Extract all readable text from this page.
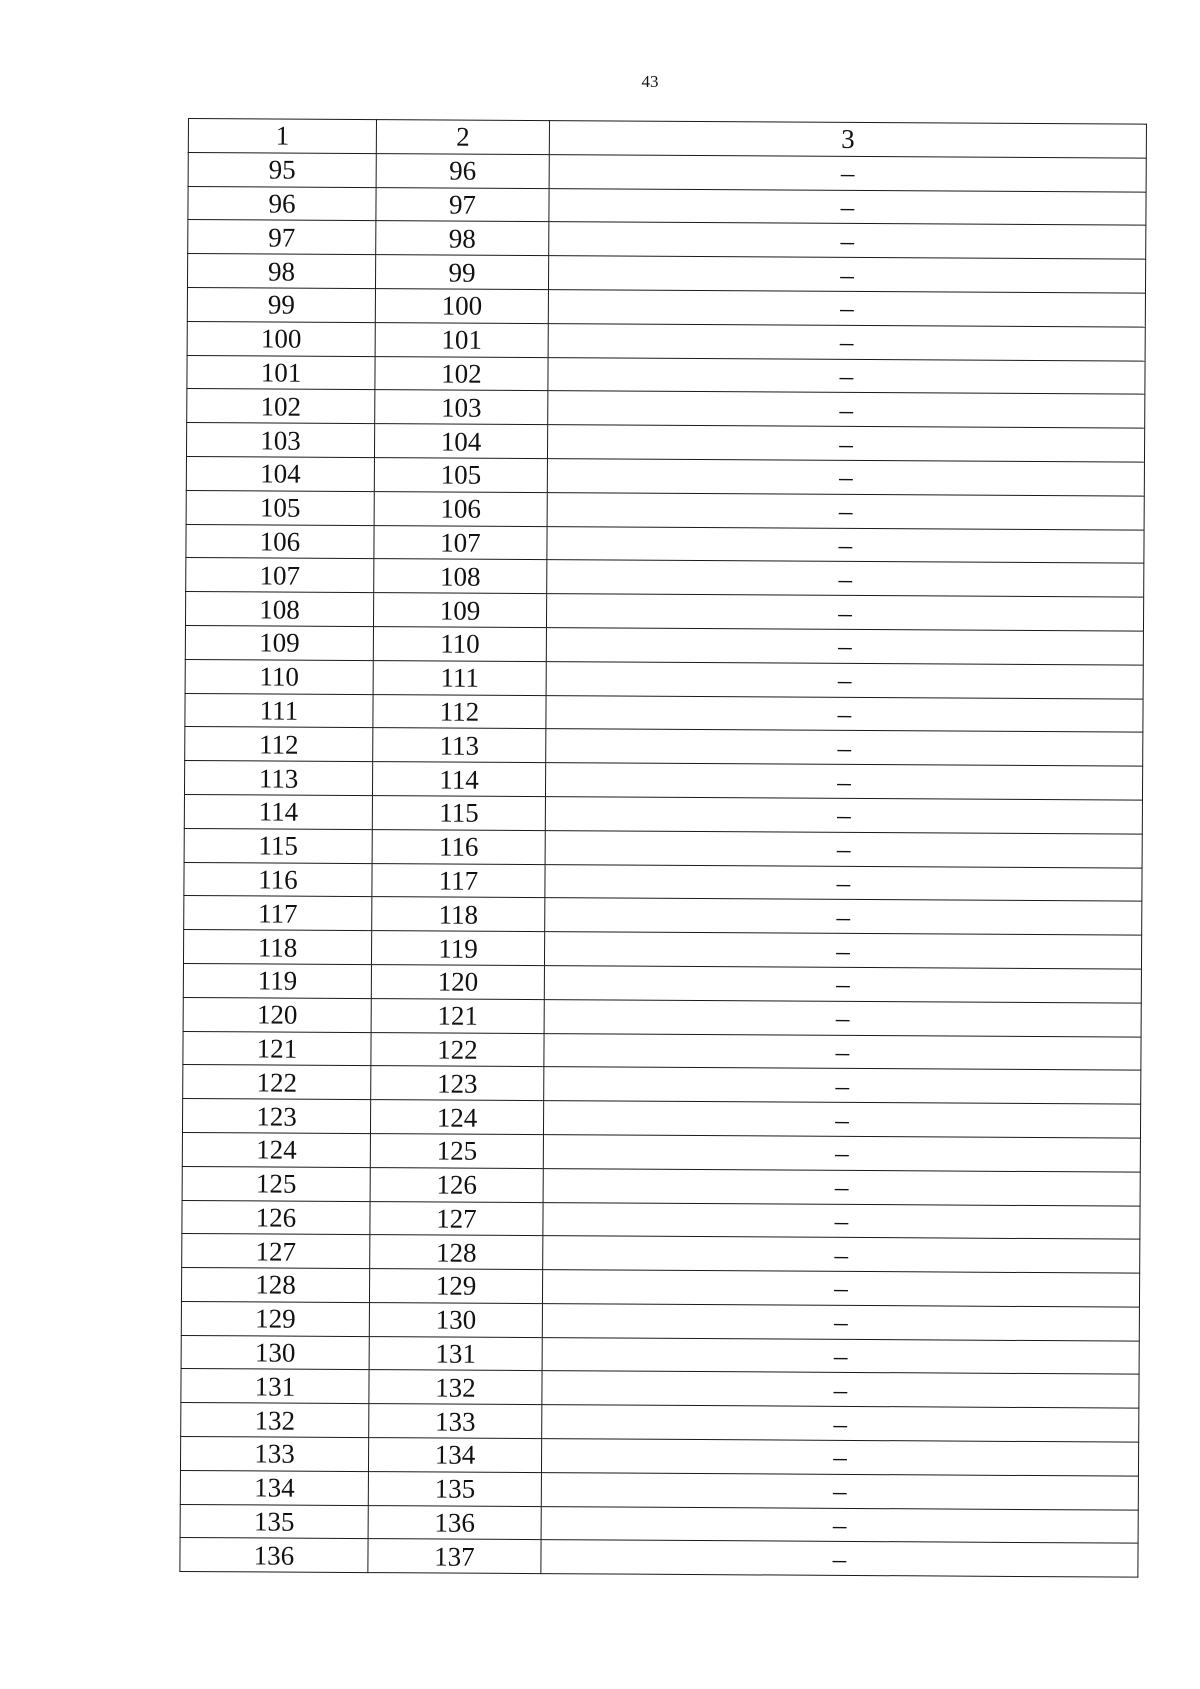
43
1	2	3
95	96	–
96	97	–
97	98	–
98	99	–
99	100	–
100	101	–
101	102	–
102	103	–
103	104	–
104	105	–
105	106	–
106	107	–
107	108	–
108	109	–
109	110	–
110	111	–
111	112	–
112	113	–
113	114	–
114	115	–
115	116	–
116	117	–
117	118	–
118	119	–
119	120	–
120	121	–
121	122	–
122	123	–
123	124	–
124	125	–
125	126	–
126	127	–
127	128	–
128	129	–
129	130	–
130	131	–
131	132	–
132	133	–
133	134	–
134	135	–
135	136	–
136	137	–
